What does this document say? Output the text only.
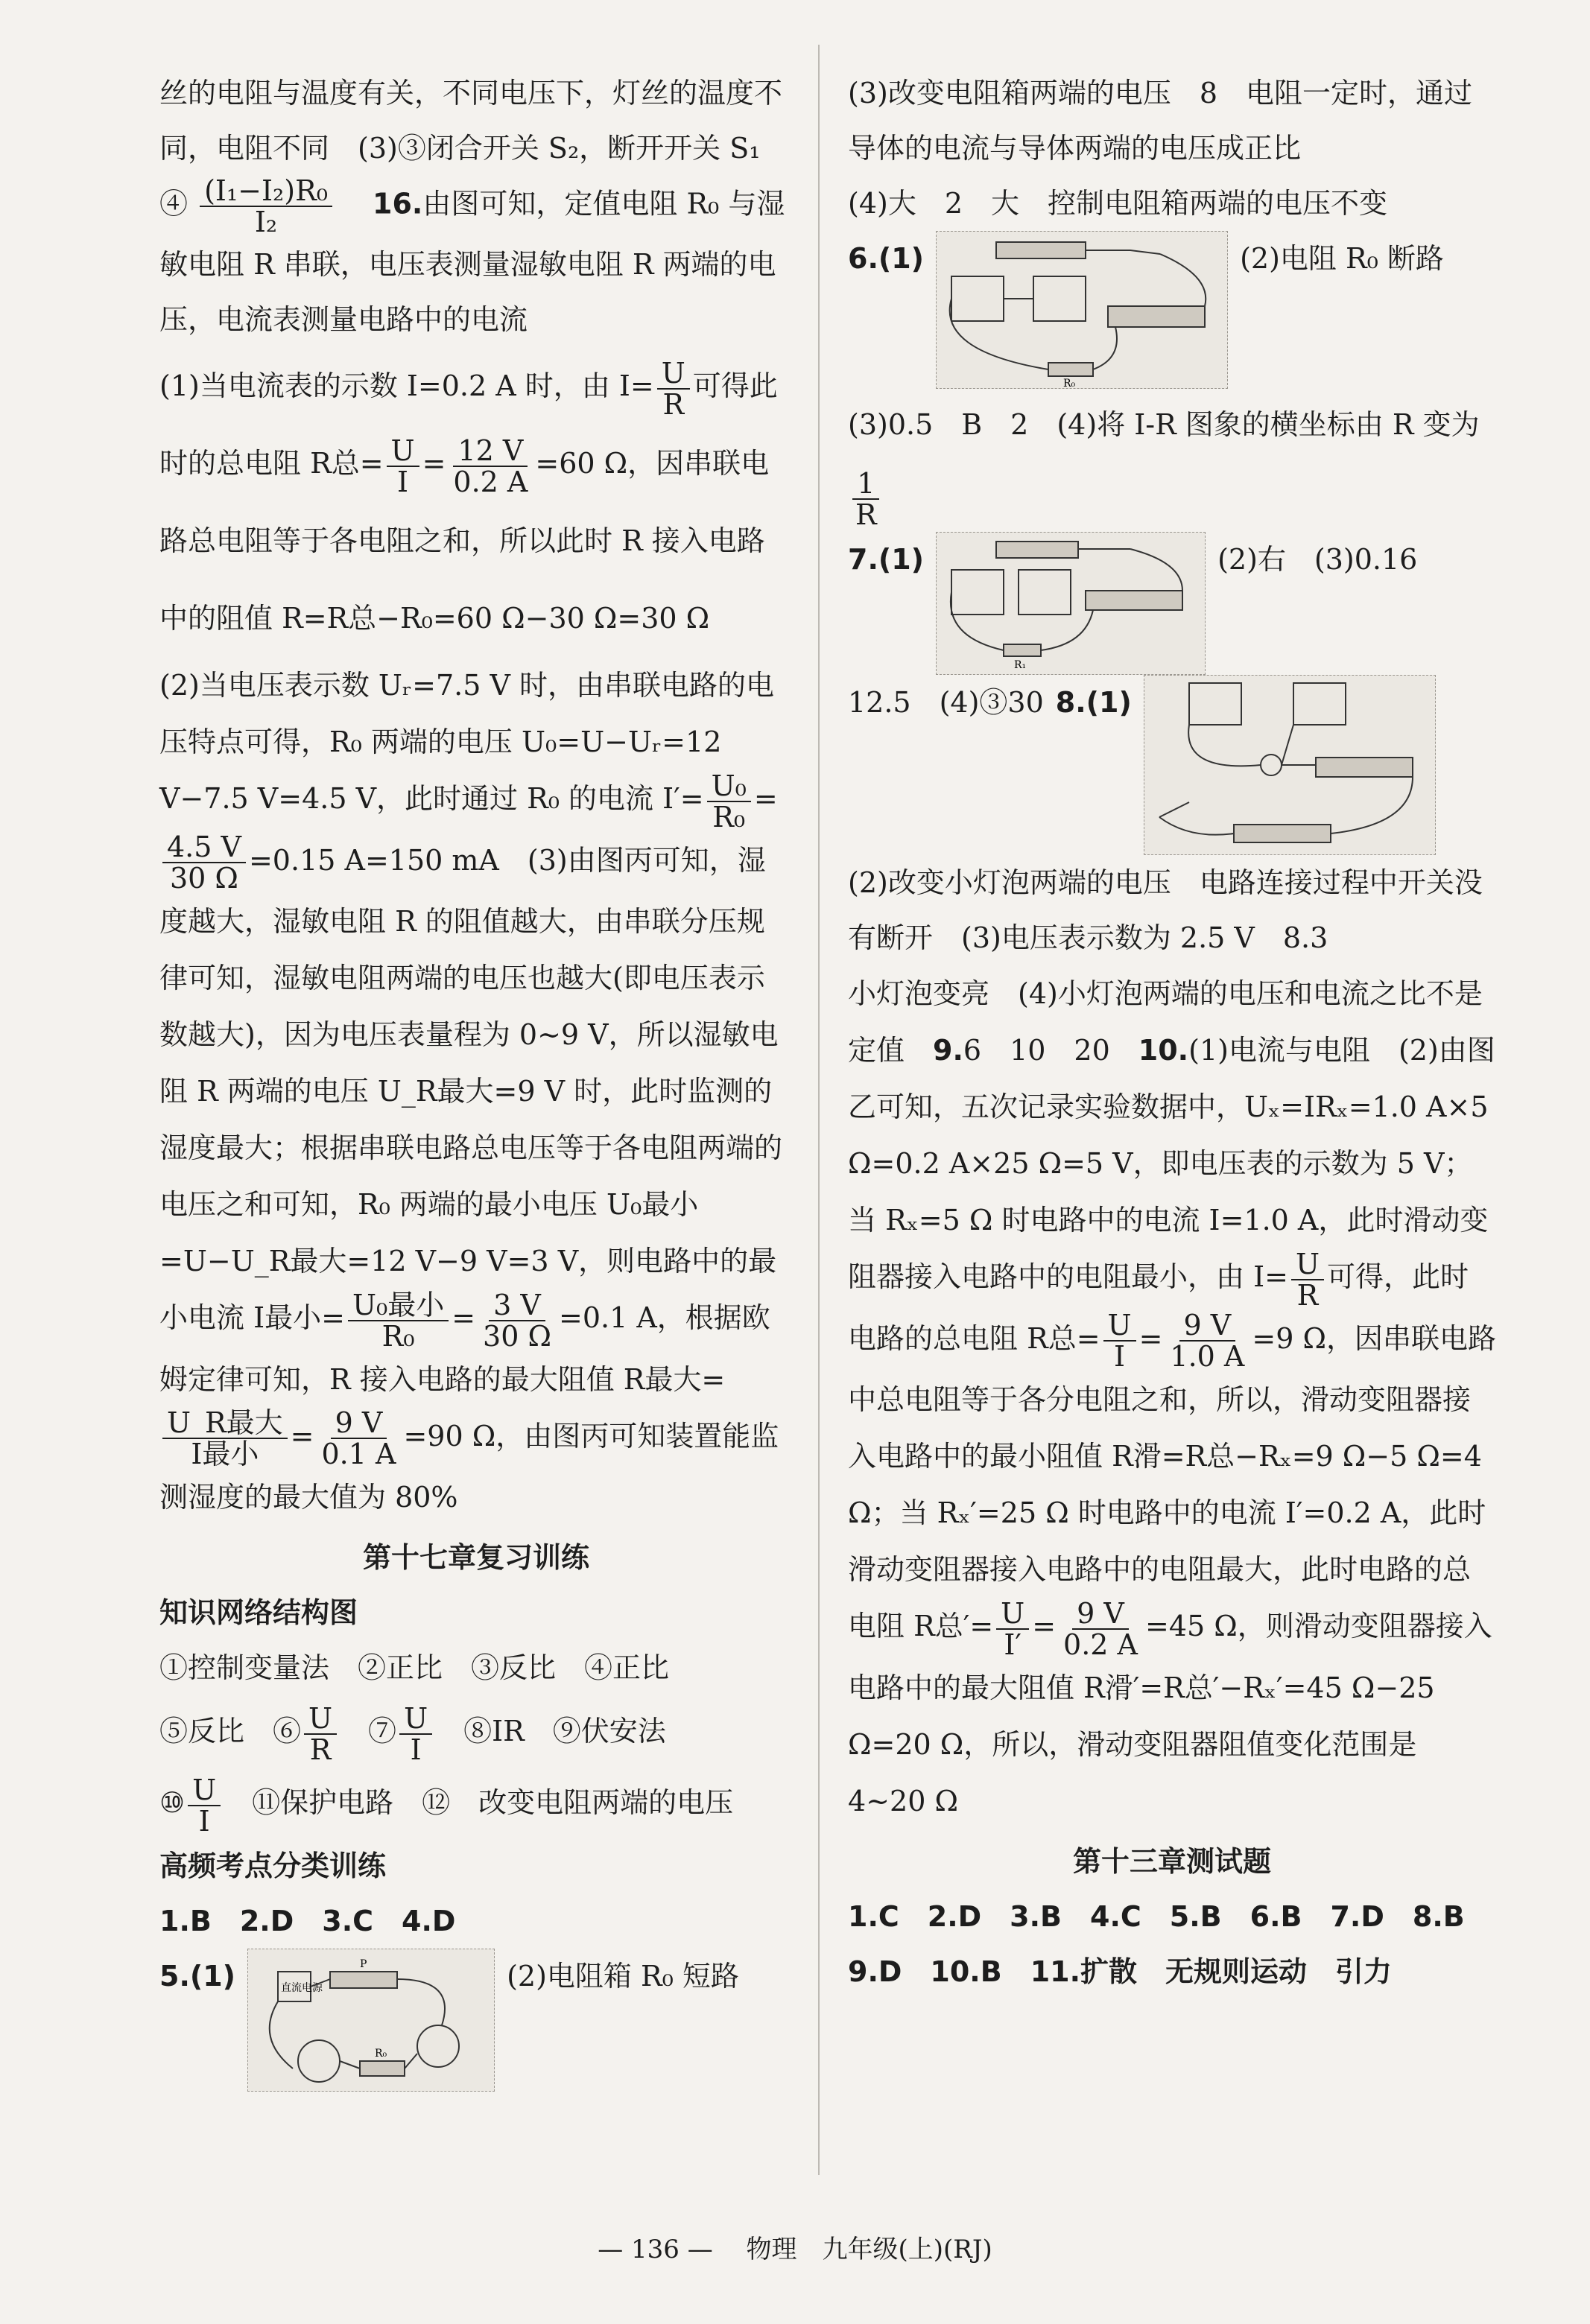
丝的电阻与温度有关，不同电压下，灯丝的温度不同，电阻不同　(3)③闭合开关 S₂，断开开关 S₁　④ $\frac{\text{(I₁−I₂)R₀}}{\text{I₂}}$
　 16.由图可知，定值电阻 R₀ 与湿敏电阻 R 串联，电压表测量湿敏电阻 R 两端的电压，电流表测量电路中的电流

(1)当电流表的示数 I=0.2 A 时，由 $I= \frac{U}{R}$ 可得此时的总电阻 R总= $\frac{U}{I} = \frac{12 V}{0.2 A} =60$ Ω，因串联电路总电阻等于各电阻之和，所以此时 R 接入电路中的阻值 R=R总−R₀=60 Ω−30 Ω=30 Ω

(2)当电压表示数 Uᵣ=7.5 V 时，由串联电路的电压特点可得，R₀ 两端的电压 U₀=U−Uᵣ=12 V−7.5 V=4.5 V，此时通过 R₀ 的电流 $I'= \frac{\text{U₀}}{\text{R₀}}$ =
$\frac{4.5 V}{30 \Omega} =0.15$ A=150 mA　(3)由图丙可知，湿度越大，湿敏电阻 R 的阻值越大，由串联分压规律可知，湿敏电阻两端的电压也越大(即电压表示数越大)，因为电压表量程为 0∼9 V，所以湿敏电阻 R 两端的电压 U_R最大=9 V 时，此时监测的湿度最大；根据串联电路总电压等于各电阻两端的电压之和可知，R₀ 两端的最小电压 U₀最小=U−U_R最大=12 V−9 V=3 V，则电路中的最小电流 I最小= $\frac{\text{U₀最小}}{\text{R₀}} = \frac{3 V}{30 \Omega} =0.1$ A，根据欧姆定律可知，R 接入电路的最大阻值 R最大=
$\frac{\text{U\_R最大}}{\text{I最小}} = \frac{9 V}{0.1 A} =90$ Ω，由图丙可知装置能监测湿度的最大值为 80%

第十七章复习训练
知识网络结构图
①控制变量法　②正比　③反比　④正比
⑤反比　⑥ $\frac{U}{R}$ 　⑦ $\frac{U}{I}$ 　⑧IR　⑨伏安法
⑩ $\frac{U}{I}$ 　⑪保护电路　⑫　改变电阻两端的电压
高频考点分类训练
1.B　2.D　3.C　4.D
5.(1)	直流电源
P
R₀
(2)电阻箱 R₀ 短路

(3)改变电阻箱两端的电压　8　电阻一定时，通过导体的电流与导体两端的电压成正比

(4)大　2　大　控制电阻箱两端的电压不变

6.(1)
R₀
(2)电阻 R₀ 断路

(3)0.5　B　2　(4)将 I-R 图象的横坐标由 R 变为
$\frac{1}{R}$

7.(1)
R₁
(2)右　(3)0.16
12.5　(4)③30 8.(1)

(2)改变小灯泡两端的电压　电路连接过程中开关没有断开　(3)电压表示数为 2.5 V　8.3

小灯泡变亮　(4)小灯泡两端的电压和电流之比不是定值　9.6　10　20　10.(1)电流与电阻　(2)由图乙可知，五次记录实验数据中，Uₓ=IRₓ=1.0 A×5 Ω=0.2 A×25 Ω=5 V，即电压表的示数为 5 V；当 Rₓ=5 Ω 时电路中的电流 I=1.0 A，此时滑动变阻器接入电路中的电阻最小，由 $I= \frac{U}{R}$ 可得，此时电路的总电阻 R总= $\frac{U}{I} = \frac{9 V}{1.0 A} =9$ Ω，因串联电路中总电阻等于各分电阻之和，所以，滑动变阻器接入电路中的最小阻值 R滑=R总−Rₓ=9 Ω−5 Ω=4 Ω；当 Rₓ′=25 Ω 时电路中的电流 I′=0.2 A，此时滑动变阻器接入电路中的电阻最大，此时电路的总电阻 R总′= $\frac{U}{I'} = \frac{9 V}{0.2 A} =45$ Ω，则滑动变阻器接入电路中的最大阻值 R滑′=R总′−Rₓ′=45 Ω−25 Ω=20 Ω，所以，滑动变阻器阻值变化范围是 4∼20 Ω

第十三章测试题
1.C　2.D　3.B　4.C　5.B　6.B　7.D　8.B
9.D　10.B　11.扩散　无规则运动　引力
— 136 — 　 物理　九年级(上)(RJ)
